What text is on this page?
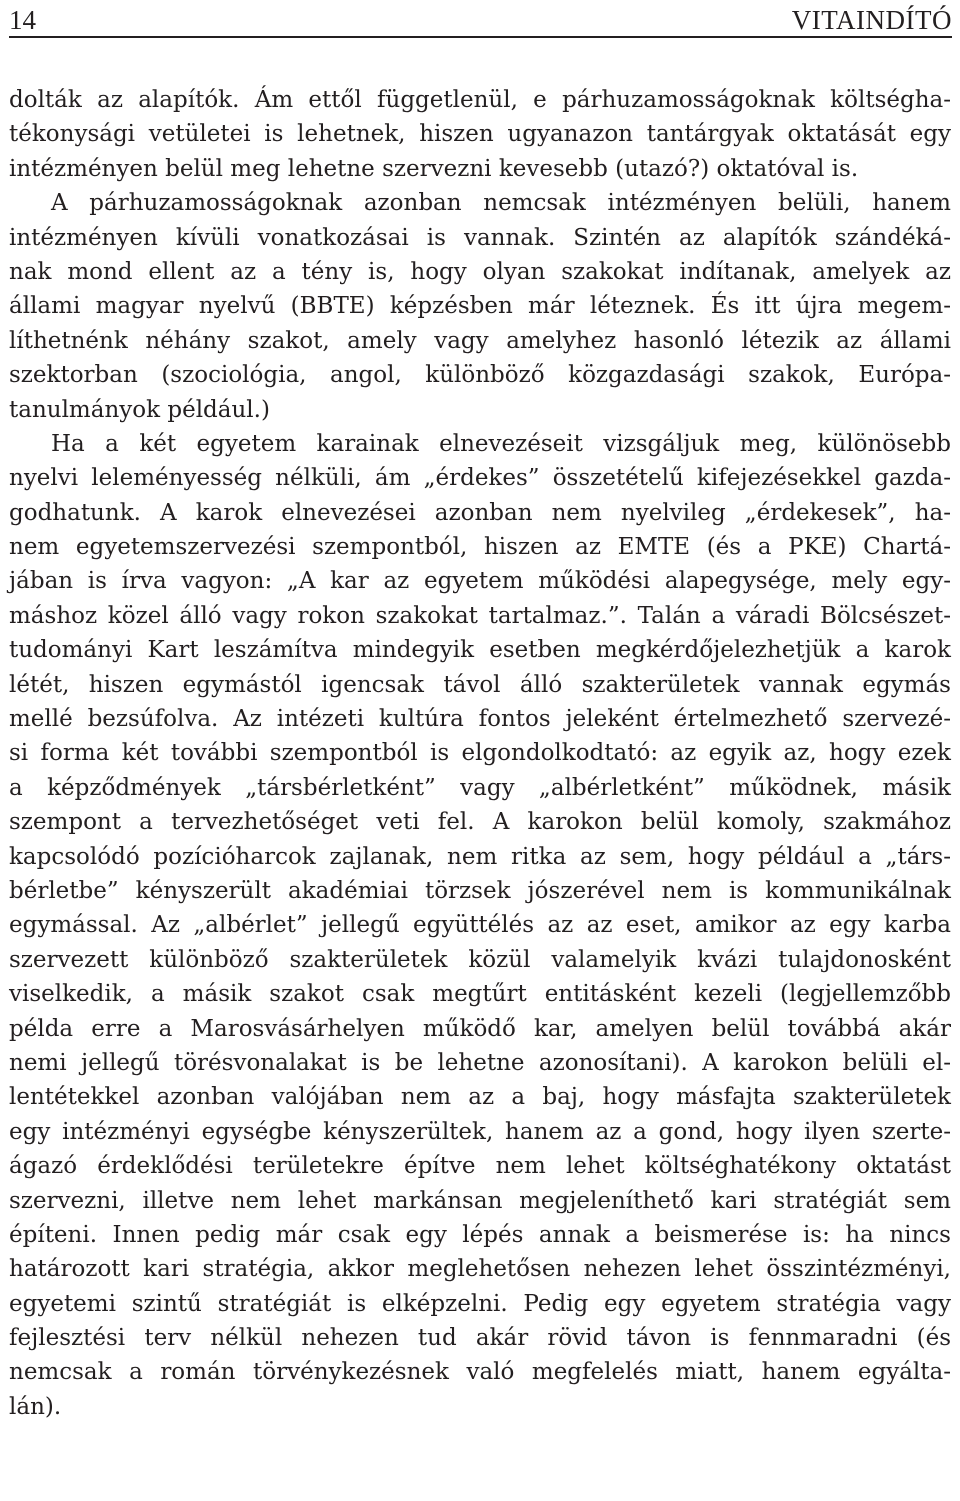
14	VITAINDÍTÓ
dolták az alapítók. Ám ettől függetlenül, e párhuzamosságoknak költségha-
tékonysági vetületei is lehetnek, hiszen ugyanazon tantárgyak oktatását egy
intézményen belül meg lehetne szervezni kevesebb (utazó?) oktatóval is.
A párhuzamosságoknak azonban nemcsak intézményen belüli, hanem
intézményen kívüli vonatkozásai is vannak. Szintén az alapítók szándéká-
nak mond ellent az a tény is, hogy olyan szakokat indítanak, amelyek az
állami magyar nyelvű (BBTE) képzésben már léteznek. És itt újra megem-
líthetnénk néhány szakot, amely vagy amelyhez hasonló létezik az állami
szektorban (szociológia, angol, különböző közgazdasági szakok, Európa-
tanulmányok például.)
Ha a két egyetem karainak elnevezéseit vizsgáljuk meg, különösebb
nyelvi leleményesség nélküli, ám „érdekes” összetételű kifejezésekkel gazda-
godhatunk. A karok elnevezései azonban nem nyelvileg „érdekesek”, ha-
nem egyetemszervezési szempontból, hiszen az EMTE (és a PKE) Chartá-
jában is írva vagyon: „A kar az egyetem működési alapegysége, mely egy-
máshoz közel álló vagy rokon szakokat tartalmaz.”. Talán a váradi Bölcsészet-
tudományi Kart leszámítva mindegyik esetben megkérdőjelezhetjük a karok
létét, hiszen egymástól igencsak távol álló szakterületek vannak egymás
mellé bezsúfolva. Az intézeti kultúra fontos jeleként értelmezhető szervezé-
si forma két további szempontból is elgondolkodtató: az egyik az, hogy ezek
a képződmények „társbérletként” vagy „albérletként” működnek, másik
szempont a tervezhetőséget veti fel. A karokon belül komoly, szakmához
kapcsolódó pozícióharcok zajlanak, nem ritka az sem, hogy például a „társ-
bérletbe” kényszerült akadémiai törzsek jószerével nem is kommunikálnak
egymással. Az „albérlet” jellegű együttélés az az eset, amikor az egy karba
szervezett különböző szakterületek közül valamelyik kvázi tulajdonosként
viselkedik, a másik szakot csak megtűrt entitásként kezeli (legjellemzőbb
példa erre a Marosvásárhelyen működő kar, amelyen belül továbbá akár
nemi jellegű törésvonalakat is be lehetne azonosítani). A karokon belüli el-
lentétekkel azonban valójában nem az a baj, hogy másfajta szakterületek
egy intézményi egységbe kényszerültek, hanem az a gond, hogy ilyen szerte-
ágazó érdeklődési területekre építve nem lehet költséghatékony oktatást
szervezni, illetve nem lehet markánsan megjeleníthető kari stratégiát sem
építeni. Innen pedig már csak egy lépés annak a beismerése is: ha nincs
határozott kari stratégia, akkor meglehetősen nehezen lehet összintézményi,
egyetemi szintű stratégiát is elképzelni. Pedig egy egyetem stratégia vagy
fejlesztési terv nélkül nehezen tud akár rövid távon is fennmaradni (és
nemcsak a román törvénykezésnek való megfelelés miatt, hanem egyálta-
lán).
